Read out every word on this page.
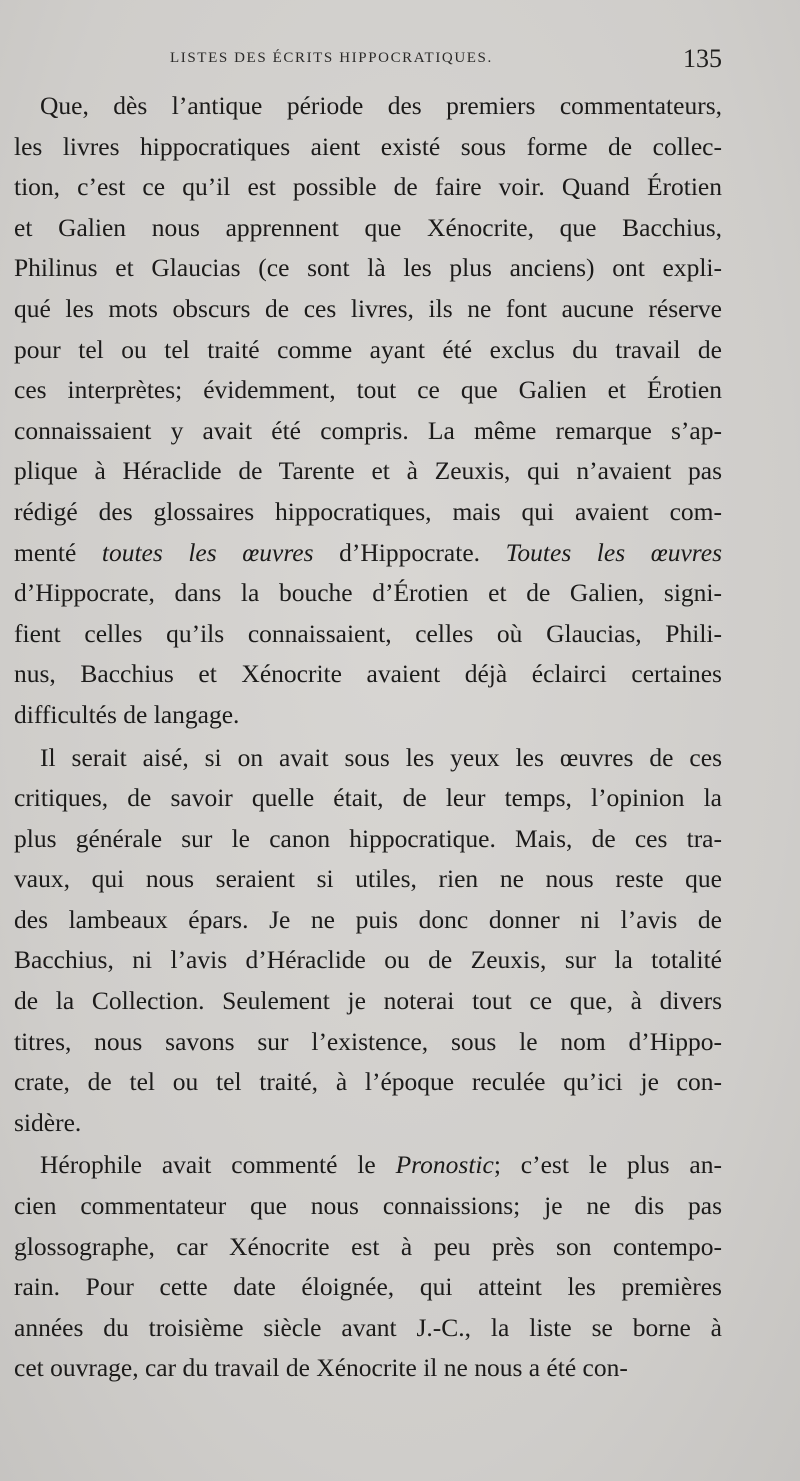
LISTES DES ÉCRITS HIPPOCRATIQUES.	135
Que, dès l’antique période des premiers commentateurs,
les livres hippocratiques aient existé sous forme de collec-
tion, c’est ce qu’il est possible de faire voir. Quand Érotien
et Galien nous apprennent que Xénocrite, que Bacchius,
Philinus et Glaucias (ce sont là les plus anciens) ont expli-
qué les mots obscurs de ces livres, ils ne font aucune réserve
pour tel ou tel traité comme ayant été exclus du travail de
ces interprètes; évidemment, tout ce que Galien et Érotien
connaissaient y avait été compris. La même remarque s’ap-
plique à Héraclide de Tarente et à Zeuxis, qui n’avaient pas
rédigé des glossaires hippocratiques, mais qui avaient com-
menté toutes les œuvres d’Hippocrate. Toutes les œuvres
d’Hippocrate, dans la bouche d’Érotien et de Galien, signi-
fient celles qu’ils connaissaient, celles où Glaucias, Phili-
nus, Bacchius et Xénocrite avaient déjà éclairci certaines
difficultés de langage.
Il serait aisé, si on avait sous les yeux les œuvres de ces
critiques, de savoir quelle était, de leur temps, l’opinion la
plus générale sur le canon hippocratique. Mais, de ces tra-
vaux, qui nous seraient si utiles, rien ne nous reste que
des lambeaux épars. Je ne puis donc donner ni l’avis de
Bacchius, ni l’avis d’Héraclide ou de Zeuxis, sur la totalité
de la Collection. Seulement je noterai tout ce que, à divers
titres, nous savons sur l’existence, sous le nom d’Hippo-
crate, de tel ou tel traité, à l’époque reculée qu’ici je con-
sidère.
Hérophile avait commenté le Pronostic; c’est le plus an-
cien commentateur que nous connaissions; je ne dis pas
glossographe, car Xénocrite est à peu près son contempo-
rain. Pour cette date éloignée, qui atteint les premières
années du troisième siècle avant J.-C., la liste se borne à
cet ouvrage, car du travail de Xénocrite il ne nous a été con-
